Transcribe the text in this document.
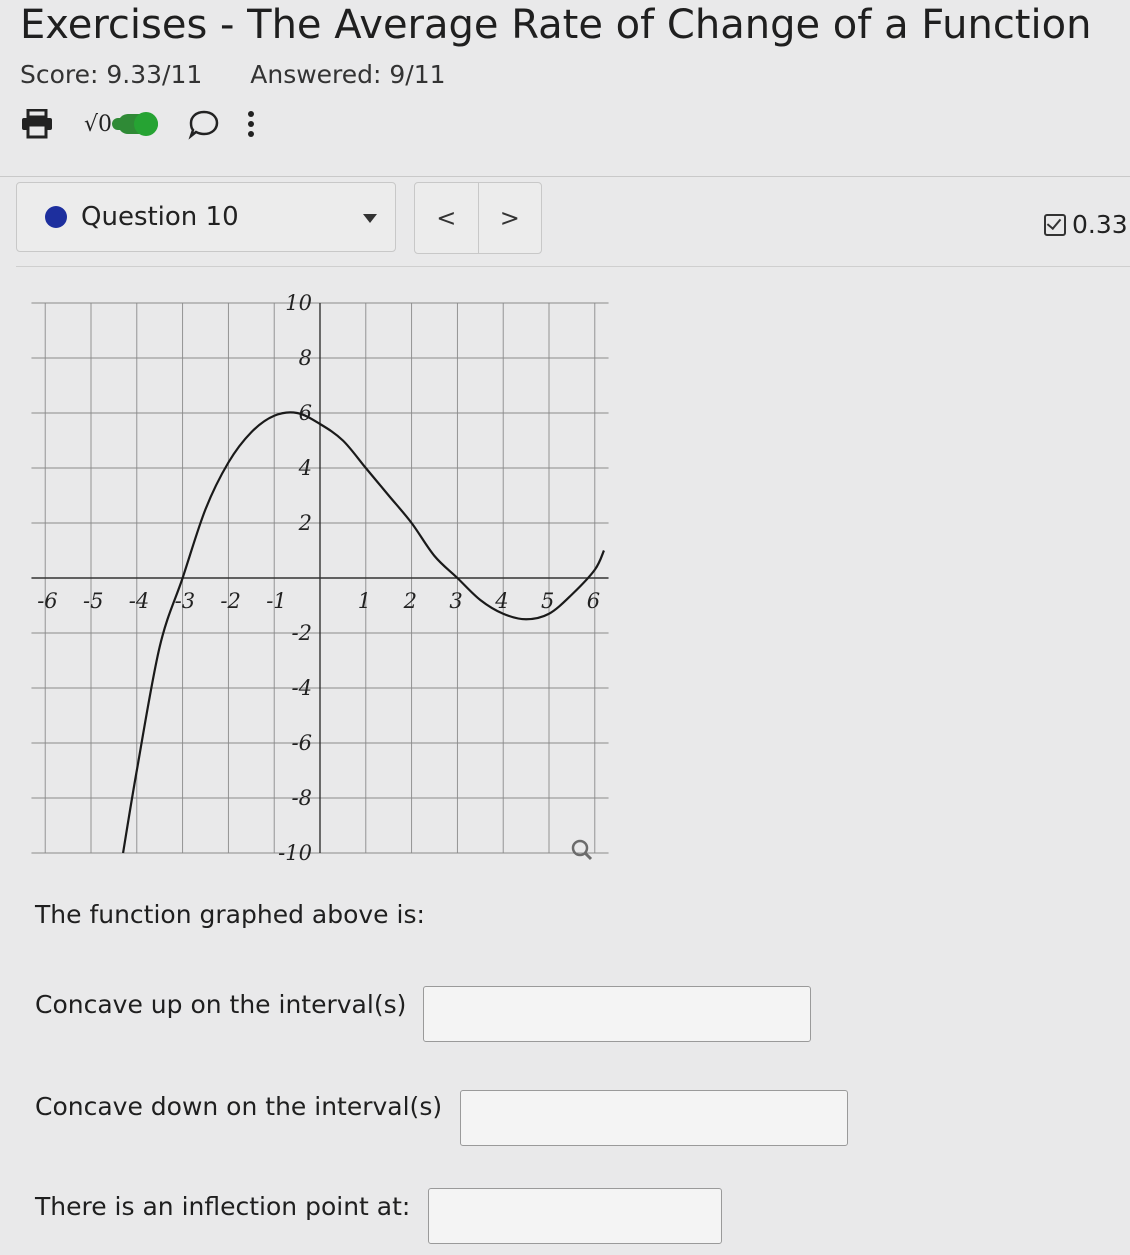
Exercises - The Average Rate of Change of a Function
Score: 9.33/11 Answered: 9/11
√0
Question 10	<	>	0.33
-6 -5 -4 -3 -2 -1	1 2 3 4 5 6
10
8
6
4
2
-2
-4
-6
-8
-10
The function graphed above is:
Concave up on the interval(s)
Concave down on the interval(s)
There is an inflection point at:
